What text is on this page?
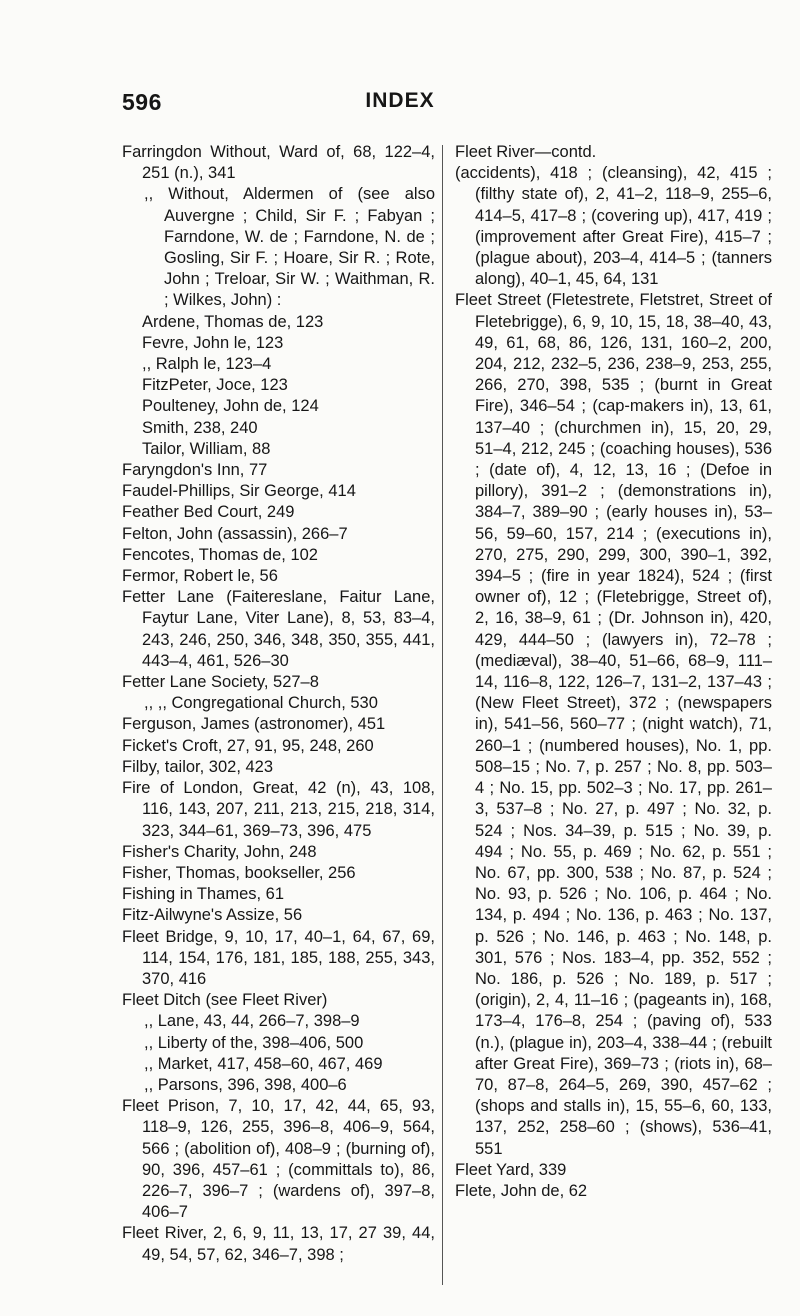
596	INDEX
Farringdon Without, Ward of, 68, 122–4, 251 (n.), 341
,, Without, Aldermen of (see also Auvergne ; Child, Sir F. ; Fabyan ; Farndone, W. de ; Farndone, N. de ; Gosling, Sir F. ; Hoare, Sir R. ; Rote, John ; Treloar, Sir W. ; Waithman, R. ; Wilkes, John) :
Ardene, Thomas de, 123
Fevre, John le, 123
,, Ralph le, 123–4
FitzPeter, Joce, 123
Poulteney, John de, 124
Smith, 238, 240
Tailor, William, 88
Faryngdon's Inn, 77
Faudel-Phillips, Sir George, 414
Feather Bed Court, 249
Felton, John (assassin), 266–7
Fencotes, Thomas de, 102
Fermor, Robert le, 56
Fetter Lane (Faitereslane, Faitur Lane, Faytur Lane, Viter Lane), 8, 53, 83–4, 243, 246, 250, 346, 348, 350, 355, 441, 443–4, 461, 526–30
Fetter Lane Society, 527–8
,, ,, Congregational Church, 530
Ferguson, James (astronomer), 451
Ficket's Croft, 27, 91, 95, 248, 260
Filby, tailor, 302, 423
Fire of London, Great, 42 (n), 43, 108, 116, 143, 207, 211, 213, 215, 218, 314, 323, 344–61, 369–73, 396, 475
Fisher's Charity, John, 248
Fisher, Thomas, bookseller, 256
Fishing in Thames, 61
Fitz-Ailwyne's Assize, 56
Fleet Bridge, 9, 10, 17, 40–1, 64, 67, 69, 114, 154, 176, 181, 185, 188, 255, 343, 370, 416
Fleet Ditch (see Fleet River)
,, Lane, 43, 44, 266–7, 398–9
,, Liberty of the, 398–406, 500
,, Market, 417, 458–60, 467, 469
,, Parsons, 396, 398, 400–6
Fleet Prison, 7, 10, 17, 42, 44, 65, 93, 118–9, 126, 255, 396–8, 406–9, 564, 566 ; (abolition of), 408–9 ; (burning of), 90, 396, 457–61 ; (committals to), 86, 226–7, 396–7 ; (wardens of), 397–8, 406–7
Fleet River, 2, 6, 9, 11, 13, 17, 27 39, 44, 49, 54, 57, 62, 346–7, 398 ;
Fleet River—contd.
(accidents), 418 ; (cleansing), 42, 415 ; (filthy state of), 2, 41–2, 118–9, 255–6, 414–5, 417–8 ; (covering up), 417, 419 ; (improvement after Great Fire), 415–7 ; (plague about), 203–4, 414–5 ; (tanners along), 40–1, 45, 64, 131
Fleet Street (Fletestrete, Fletstret, Street of Fletebrigge), 6, 9, 10, 15, 18, 38–40, 43, 49, 61, 68, 86, 126, 131, 160–2, 200, 204, 212, 232–5, 236, 238–9, 253, 255, 266, 270, 398, 535 ; (burnt in Great Fire), 346–54 ; (cap-makers in), 13, 61, 137–40 ; (churchmen in), 15, 20, 29, 51–4, 212, 245 ; (coaching houses), 536 ; (date of), 4, 12, 13, 16 ; (Defoe in pillory), 391–2 ; (demonstrations in), 384–7, 389–90 ; (early houses in), 53–56, 59–60, 157, 214 ; (executions in), 270, 275, 290, 299, 300, 390–1, 392, 394–5 ; (fire in year 1824), 524 ; (first owner of), 12 ; (Fletebrigge, Street of), 2, 16, 38–9, 61 ; (Dr. Johnson in), 420, 429, 444–50 ; (lawyers in), 72–78 ; (mediæval), 38–40, 51–66, 68–9, 111–14, 116–8, 122, 126–7, 131–2, 137–43 ; (New Fleet Street), 372 ; (newspapers in), 541–56, 560–77 ; (night watch), 71, 260–1 ; (numbered houses), No. 1, pp. 508–15 ; No. 7, p. 257 ; No. 8, pp. 503–4 ; No. 15, pp. 502–3 ; No. 17, pp. 261–3, 537–8 ; No. 27, p. 497 ; No. 32, p. 524 ; Nos. 34–39, p. 515 ; No. 39, p. 494 ; No. 55, p. 469 ; No. 62, p. 551 ; No. 67, pp. 300, 538 ; No. 87, p. 524 ; No. 93, p. 526 ; No. 106, p. 464 ; No. 134, p. 494 ; No. 136, p. 463 ; No. 137, p. 526 ; No. 146, p. 463 ; No. 148, p. 301, 576 ; Nos. 183–4, pp. 352, 552 ; No. 186, p. 526 ; No. 189, p. 517 ; (origin), 2, 4, 11–16 ; (pageants in), 168, 173–4, 176–8, 254 ; (paving of), 533 (n.), (plague in), 203–4, 338–44 ; (rebuilt after Great Fire), 369–73 ; (riots in), 68–70, 87–8, 264–5, 269, 390, 457–62 ; (shops and stalls in), 15, 55–6, 60, 133, 137, 252, 258–60 ; (shows), 536–41, 551
Fleet Yard, 339
Flete, John de, 62
